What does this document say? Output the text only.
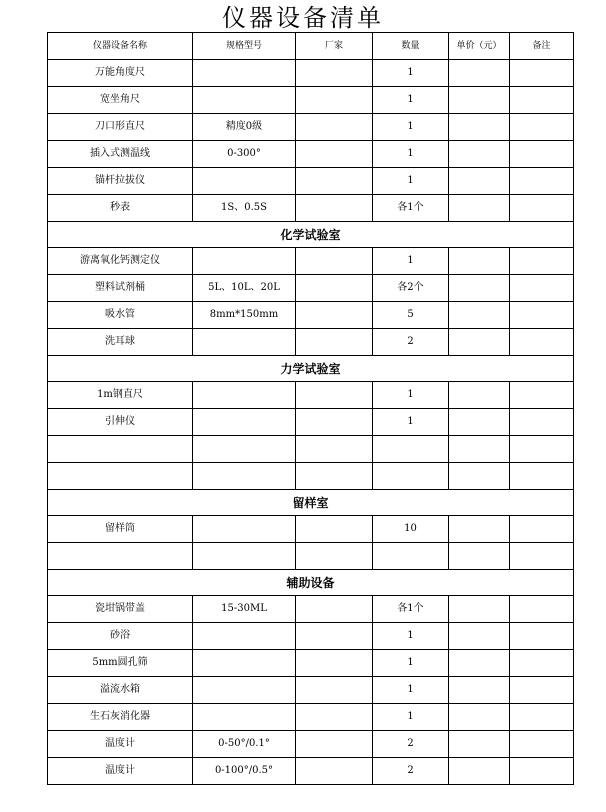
仪器设备清单
仪器设备名称	规格型号	厂家	数量	单价（元）	备注
万能角度尺			1		
宽坐角尺			1		
刀口形直尺	精度0级		1		
插入式测温线	0-300°		1		
锚杆拉拔仪			1		
秒表	1S、0.5S		各1个		
化学试验室					
游离氧化钙测定仪			1		
塑料试剂桶	5L、10L、20L		各2个		
吸水管	8mm*150mm		5		
洗耳球			2		
力学试验室					
1m钢直尺			1		
引伸仪			1		

留样室					
留样筒			10		

辅助设备					
瓷坩锅带盖	15-30ML		各1个		
砂浴			1		
5mm圆孔筛			1		
溢流水箱			1		
生石灰消化器			1		
温度计	0-50°/0.1°		2		
温度计	0-100°/0.5°		2		
